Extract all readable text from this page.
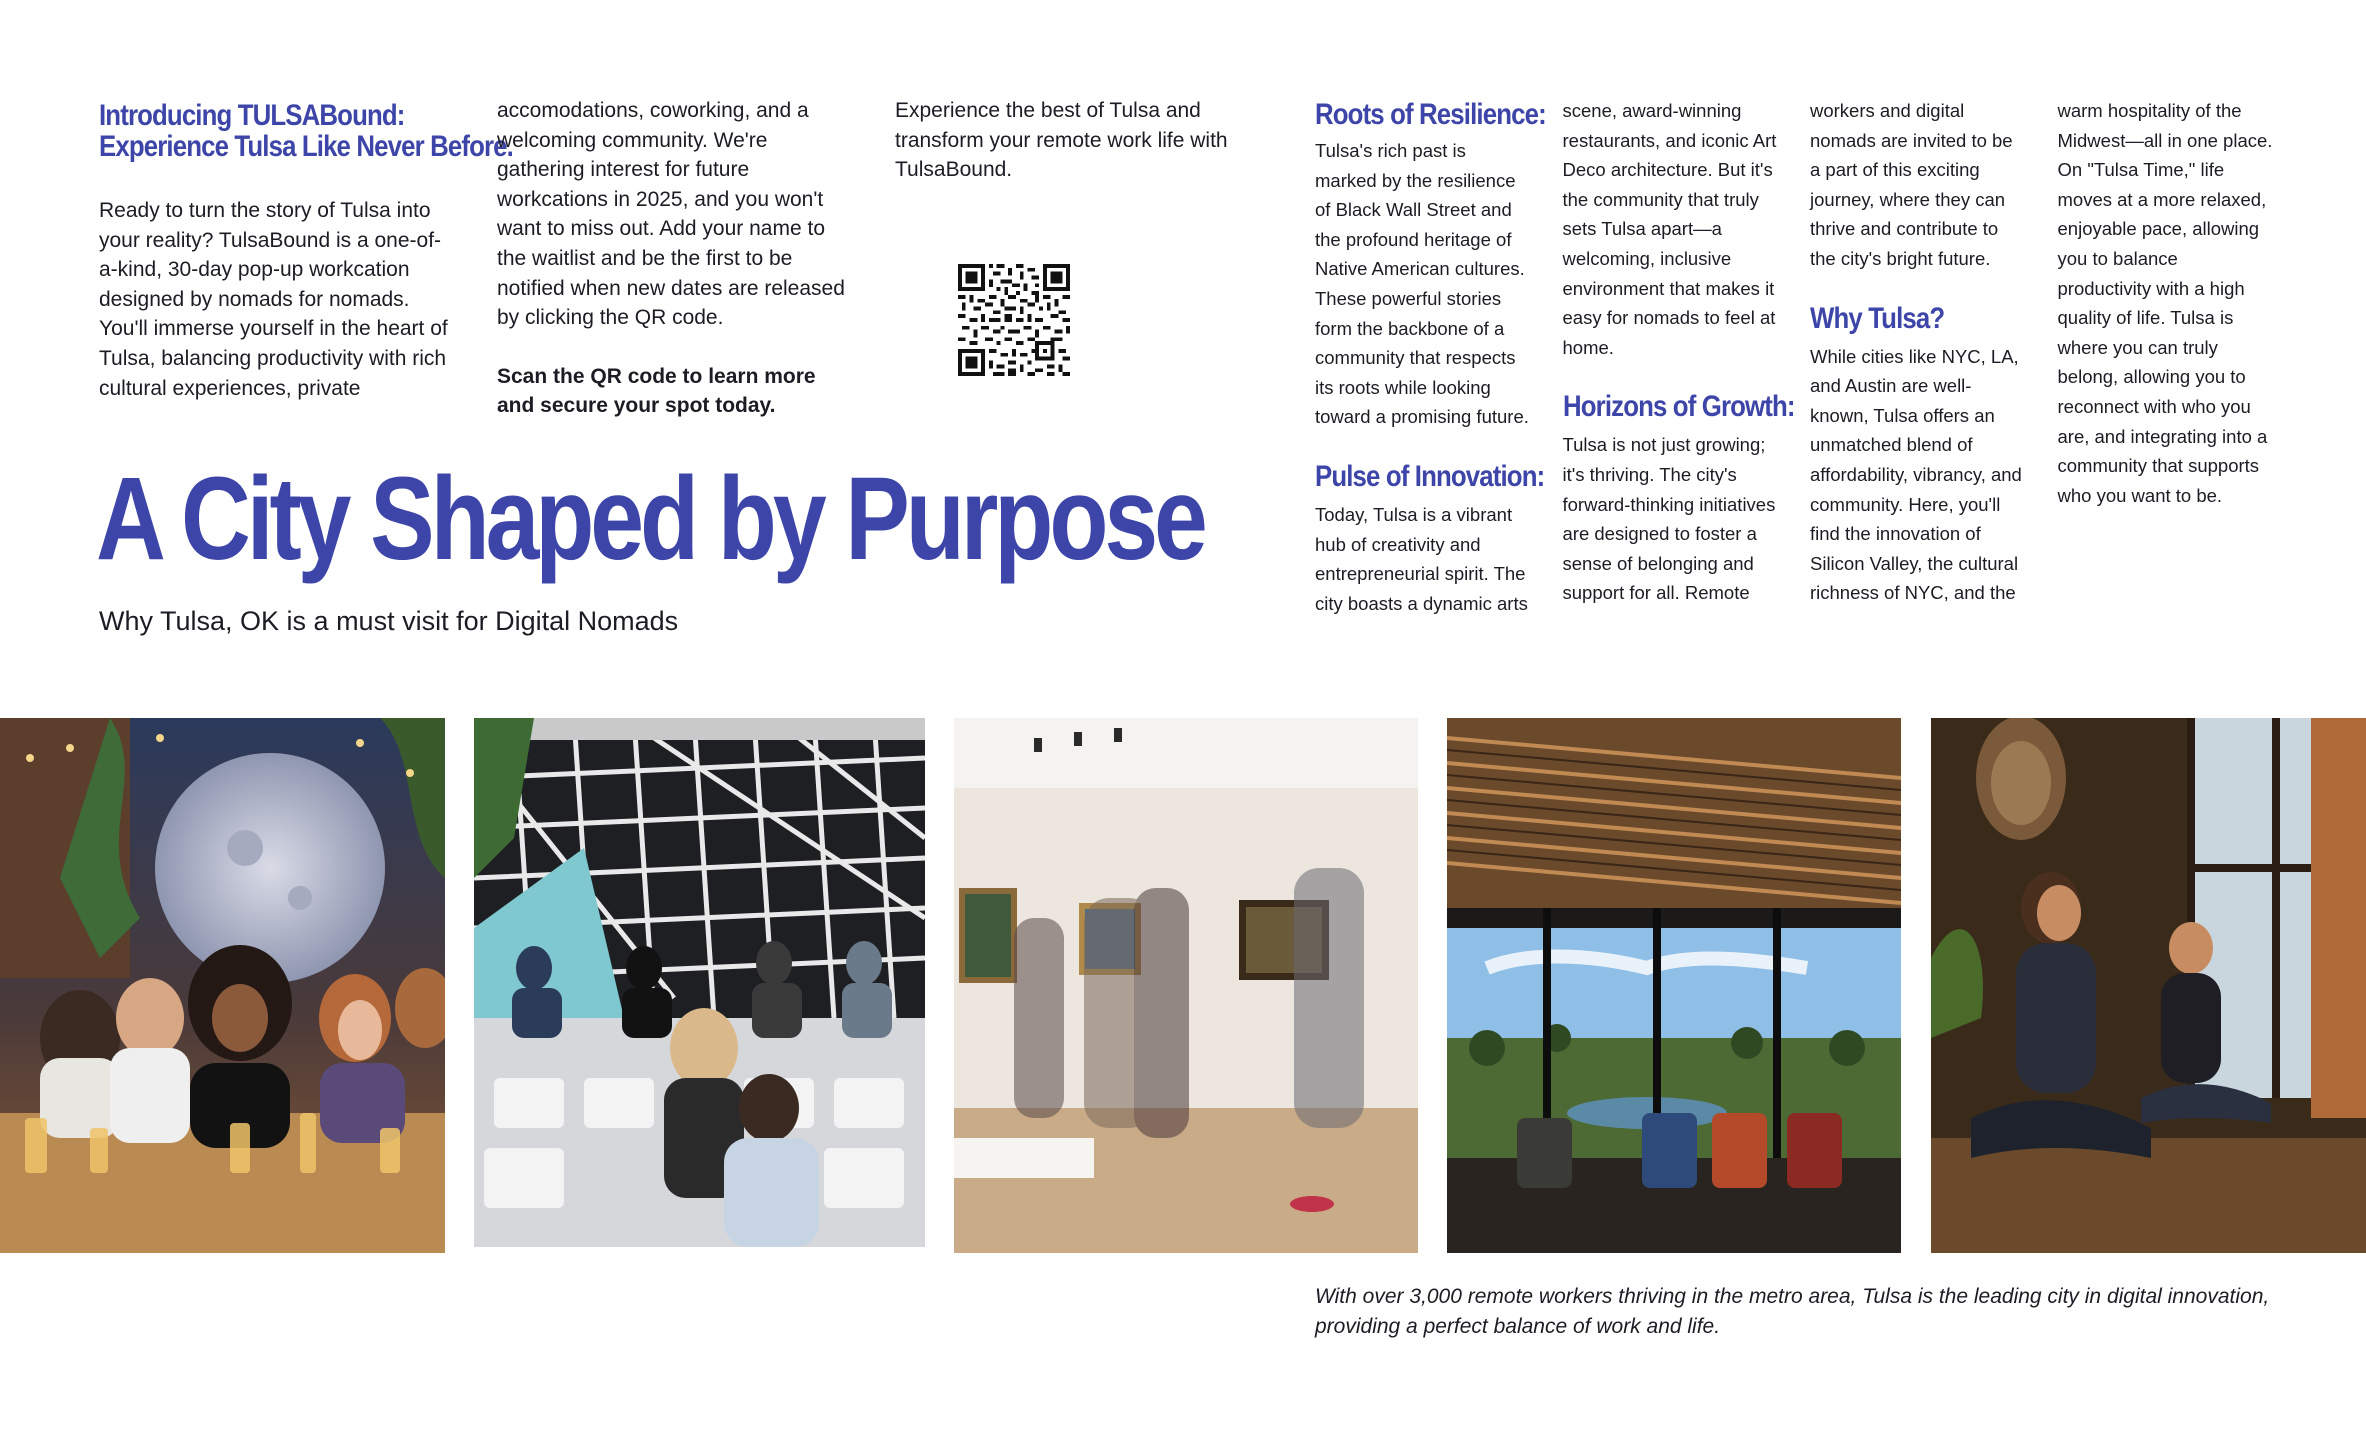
Introducing TULSABound:
Experience Tulsa Like Never Before.

Ready to turn the story of Tulsa into your reality? TulsaBound is a one-of-a-kind, 30-day pop-up workcation designed by nomads for nomads. You'll immerse yourself in the heart of Tulsa, balancing productivity with rich cultural experiences, private accomodations, coworking, and a welcoming community. We're gathering interest for future workcations in 2025, and you won't want to miss out. Add your name to the waitlist and be the first to be notified when new dates are released by clicking the QR code.

Scan the QR code to learn more and secure your spot today. Experience the best of Tulsa and transform your remote work life with TulsaBound.

A City Shaped by Purpose
Why Tulsa, OK is a must visit for Digital Nomads
Roots of Resilience:

Tulsa's rich past is marked by the resilience of Black Wall Street and the profound heritage of Native American cultures. These powerful stories form the backbone of a community that respects its roots while looking toward a promising future.

Pulse of Innovation:

Today, Tulsa is a vibrant hub of creativity and entrepreneurial spirit. The city boasts a dynamic arts scene, award-winning restaurants, and iconic Art Deco architecture. But it's the community that truly sets Tulsa apart—a welcoming, inclusive environment that makes it easy for nomads to feel at home.

Horizons of Growth:

Tulsa is not just growing; it's thriving. The city's forward-thinking initiatives are designed to foster a sense of belonging and support for all. Remote workers and digital nomads are invited to be a part of this exciting journey, where they can thrive and contribute to the city's bright future.

Why Tulsa?

While cities like NYC, LA, and Austin are well-known, Tulsa offers an unmatched blend of affordability, vibrancy, and community. Here, you'll find the innovation of Silicon Valley, the cultural richness of NYC, and the warm hospitality of the Midwest—all in one place. On "Tulsa Time," life moves at a more relaxed, enjoyable pace, allowing you to balance productivity with a high quality of life. Tulsa is where you can truly belong, allowing you to reconnect with who you are, and integrating into a community that supports who you want to be.

With over 3,000 remote workers thriving in the metro area, Tulsa is the leading city in digital innovation, providing a perfect balance of work and life.
